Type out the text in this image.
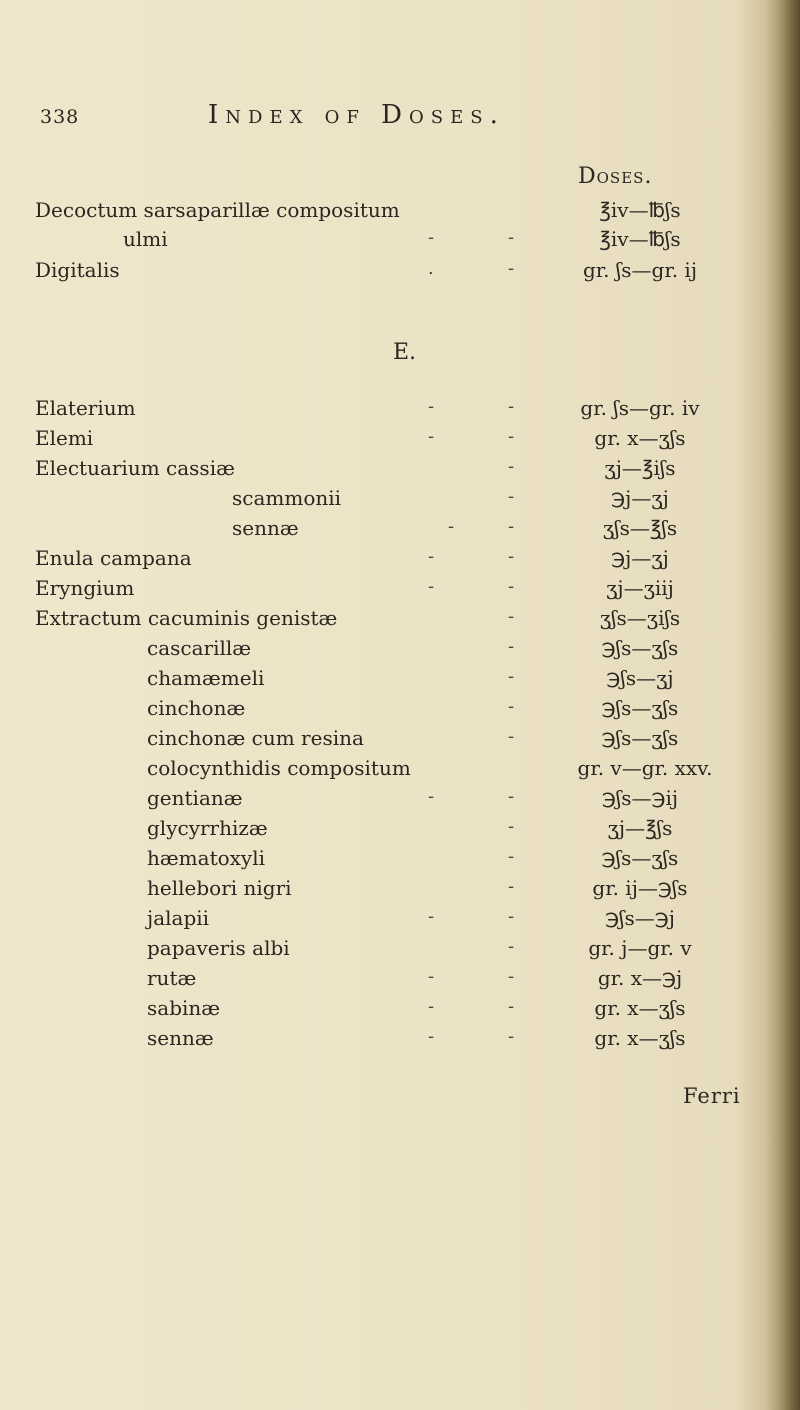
338	Index of Doses.
Doses.
Decoctum sarsaparillæ compositum	℥iv—℔ʃs
ulmi	-	-	℥iv—℔ʃs
Digitalis	.	-	gr. ʃs—gr. ij
E.
Elaterium	-	-	gr. ʃs—gr. iv
Elemi	-	-	gr. x—ʒʃs
Electuarium cassiæ	-	ʒj—℥iʃs
scammonii	-	℈j—ʒj
sennæ	-	-	ʒʃs—℥ʃs
Enula campana	-	-	℈j—ʒj
Eryngium	-	-	ʒj—ʒiij
Extractum cacuminis genistæ	-	ʒʃs—ʒiʃs
cascarillæ	-	℈ʃs—ʒʃs
chamæmeli	-	℈ʃs—ʒj
cinchonæ	-	℈ʃs—ʒʃs
cinchonæ cum resina	-	℈ʃs—ʒʃs
colocynthidis compositum	gr. v—gr. xxv.
gentianæ	-	-	℈ʃs—℈ij
glycyrrhizæ	-	ʒj—℥ʃs
hæmatoxyli	-	℈ʃs—ʒʃs
hellebori nigri	-	gr. ij—℈ʃs
jalapii	-	-	℈ʃs—℈j
papaveris albi	-	gr. j—gr. v
rutæ	-	-	gr. x—℈j
sabinæ	-	-	gr. x—ʒʃs
sennæ	-	-	gr. x—ʒʃs
Ferri
